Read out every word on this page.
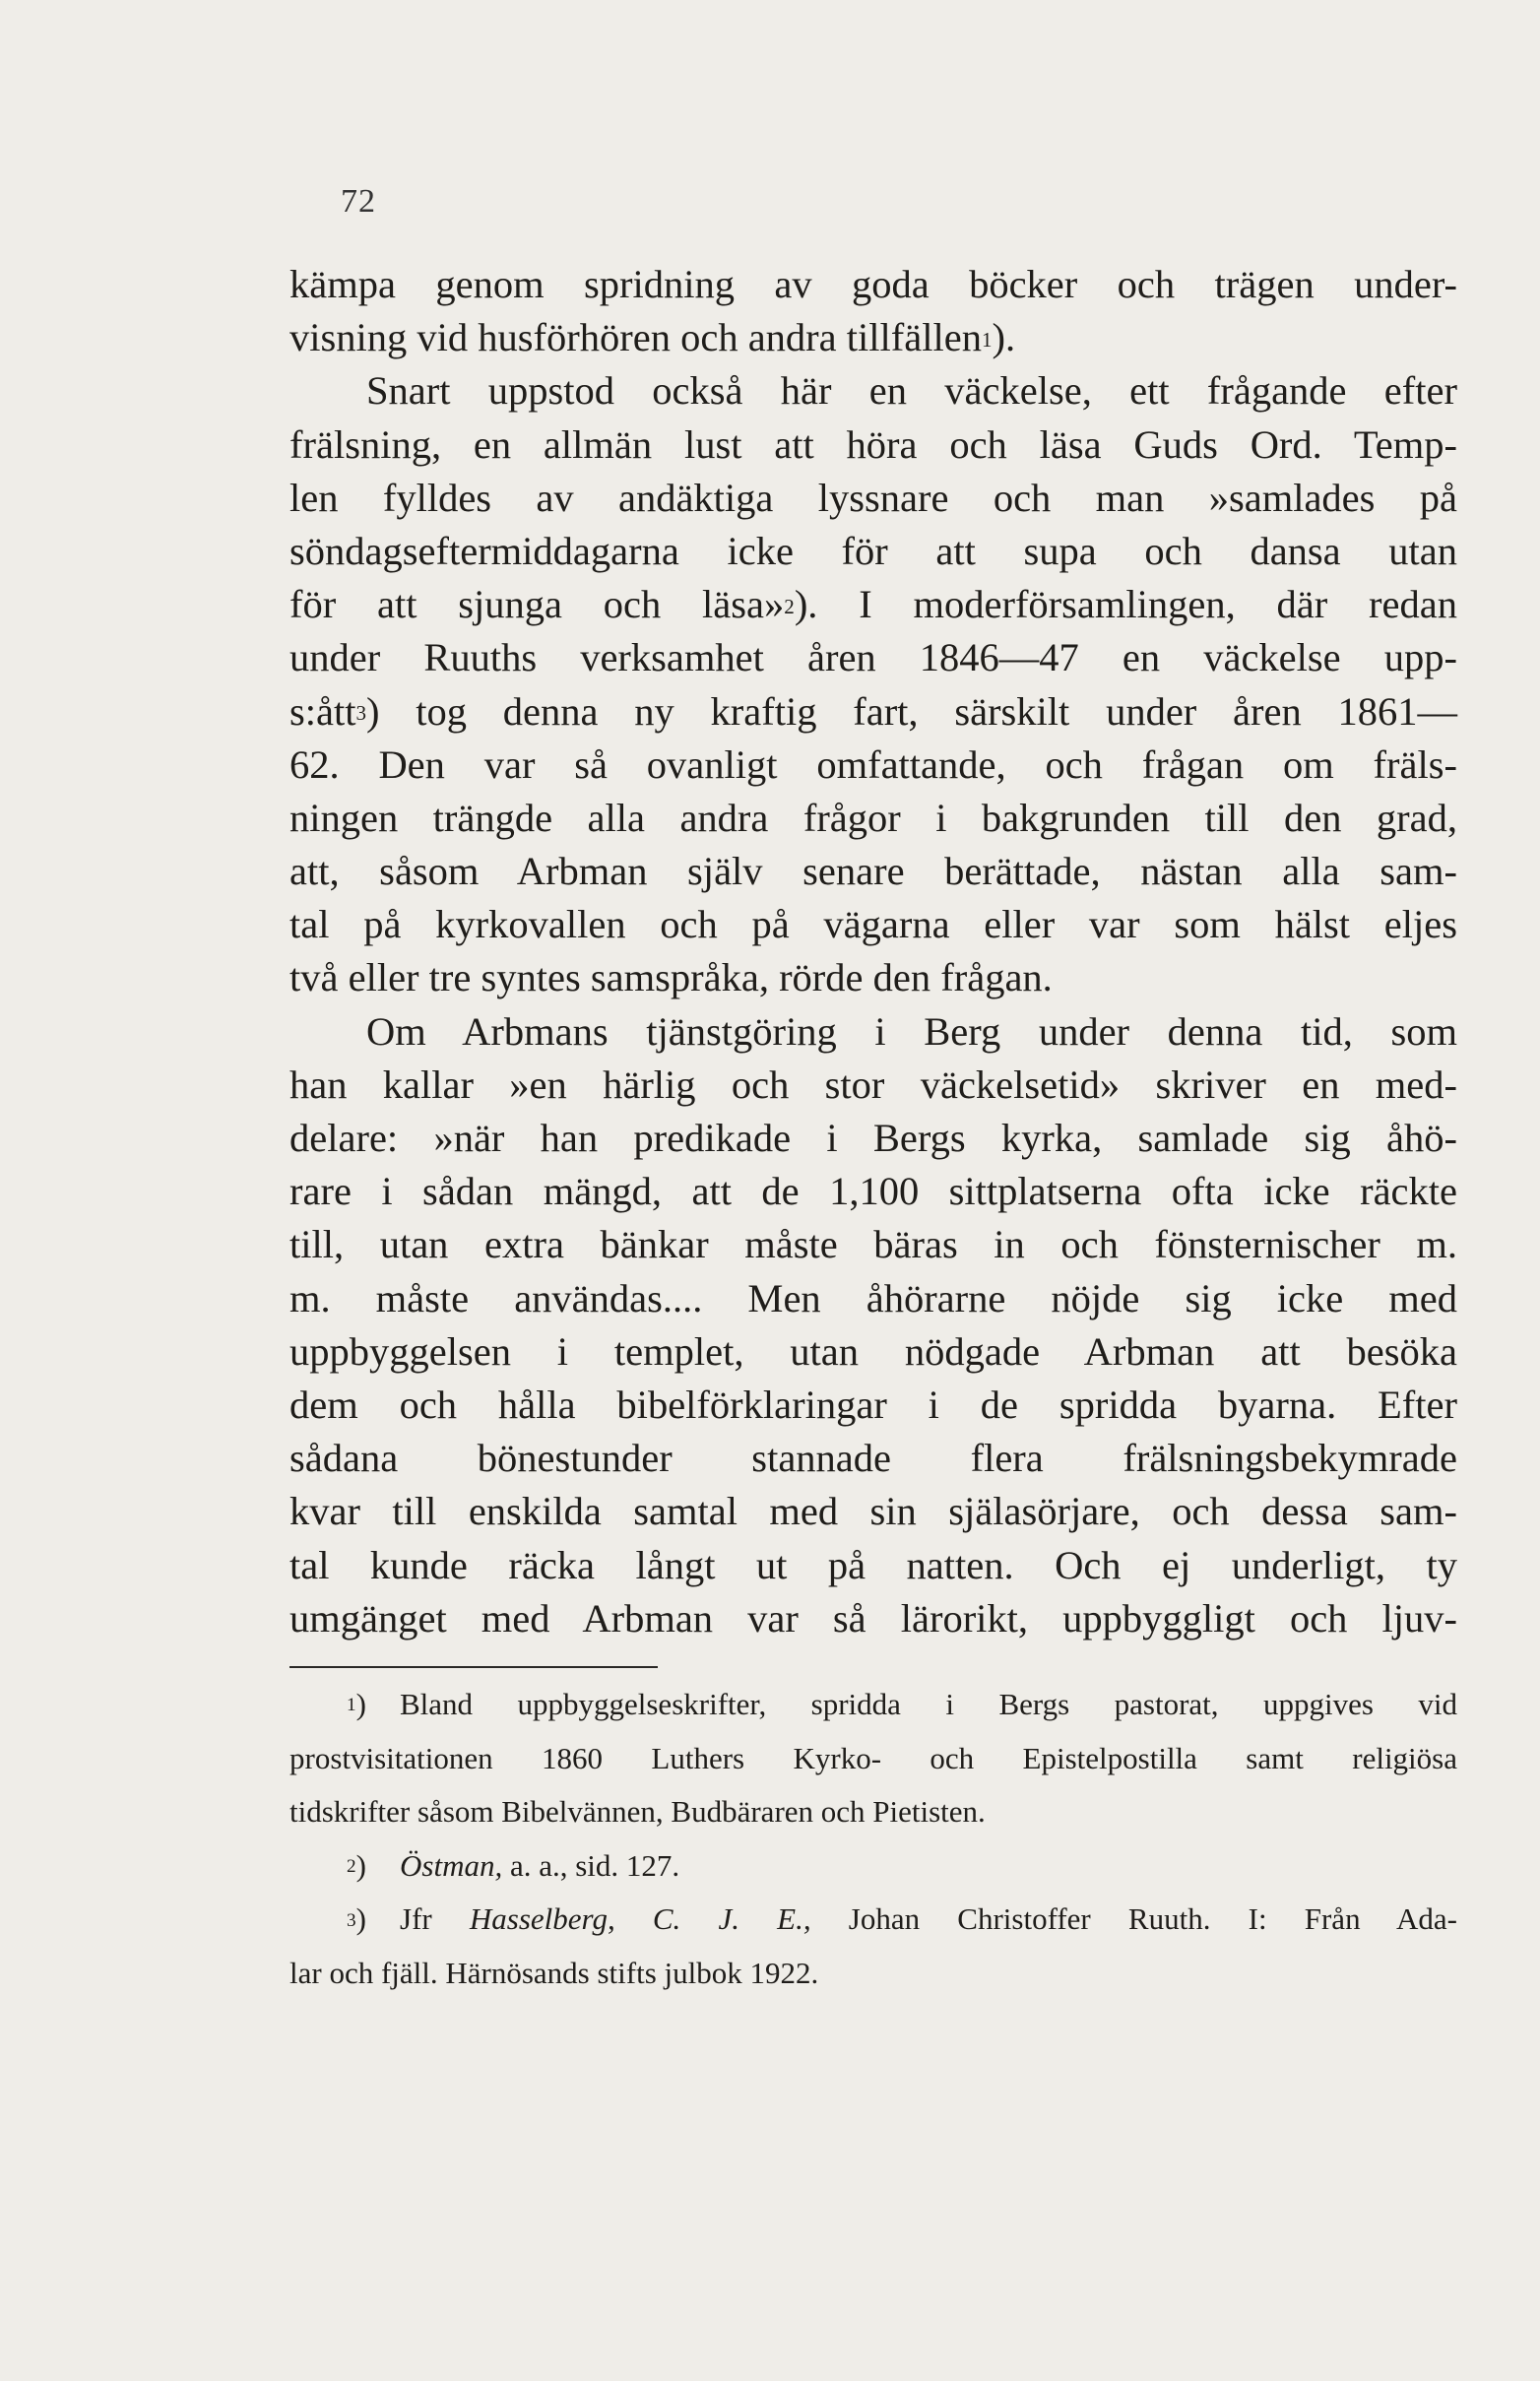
72
kämpa genom spridning av goda böcker och trägen under-
visning vid husförhören och andra tillfällen$^1$).
Snart uppstod också här en väckelse, ett frågande efter
frälsning, en allmän lust att höra och läsa Guds Ord. Temp-
len fylldes av andäktiga lyssnare och man »samlades på
söndagseftermiddagarna icke för att supa och dansa utan
för att sjunga och läsa»$^2$). I moderförsamlingen, där redan
under Ruuths verksamhet åren 1846—47 en väckelse upp-
s:ått$^3$) tog denna ny kraftig fart, särskilt under åren 1861—
62. Den var så ovanligt omfattande, och frågan om fräls-
ningen trängde alla andra frågor i bakgrunden till den grad,
att, såsom Arbman själv senare berättade, nästan alla sam-
tal på kyrkovallen och på vägarna eller var som hälst eljes
två eller tre syntes samspråka, rörde den frågan.
Om Arbmans tjänstgöring i Berg under denna tid, som
han kallar »en härlig och stor väckelsetid» skriver en med-
delare: »när han predikade i Bergs kyrka, samlade sig åhö-
rare i sådan mängd, att de 1,100 sittplatserna ofta icke räckte
till, utan extra bänkar måste bäras in och fönsternischer m.
m. måste användas.... Men åhörarne nöjde sig icke med
uppbyggelsen i templet, utan nödgade Arbman att besöka
dem och hålla bibelförklaringar i de spridda byarna. Efter
sådana bönestunder stannade flera frälsningsbekymrade
kvar till enskilda samtal med sin själasörjare, och dessa sam-
tal kunde räcka långt ut på natten. Och ej underligt, ty
umgänget med Arbman var så lärorikt, uppbyggligt och ljuv-
$^1$) Bland uppbyggelseskrifter, spridda i Bergs pastorat, uppgives vid
prostvisitationen 1860 Luthers Kyrko- och Epistelpostilla samt religiösa
tidskrifter såsom Bibelvännen, Budbäraren och Pietisten.
$^2$) Östman, a. a., sid. 127.
$^3$) Jfr Hasselberg, C. J. E., Johan Christoffer Ruuth. I: Från Ada-
lar och fjäll. Härnösands stifts julbok 1922.
